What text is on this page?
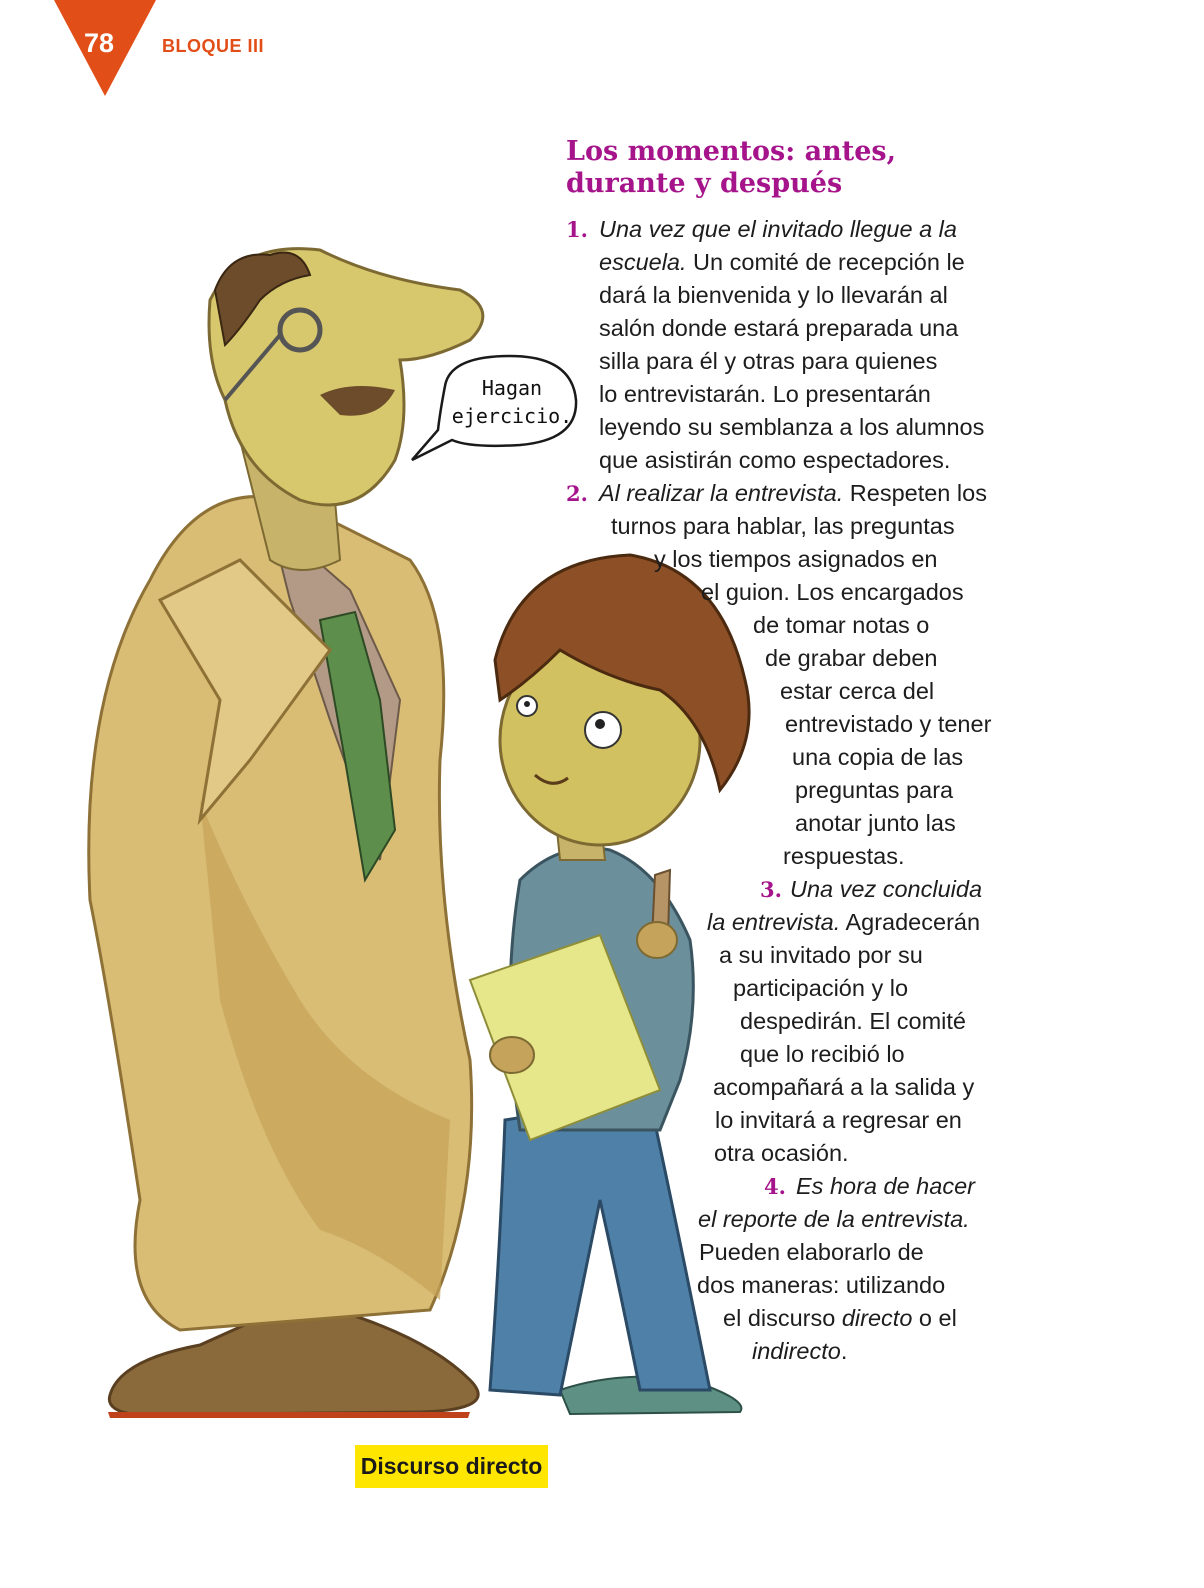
78	BLOQUE III
Hagan
ejercicio.
Los momentos: antes,
durante y después
1. Una vez que el invitado llegue a la
escuela. Un comité de recepción le
dará la bienvenida y lo llevarán al
salón donde estará preparada una
silla para él y otras para quienes
lo entrevistarán. Lo presentarán
leyendo su semblanza a los alumnos
que asistirán como espectadores.
2. Al realizar la entrevista. Respeten los
turnos para hablar, las preguntas
y los tiempos asignados en
el guion. Los encargados
de tomar notas o
de grabar deben
estar cerca del
entrevistado y tener
una copia de las
preguntas para
anotar junto las
respuestas.
3. Una vez concluida
la entrevista. Agradecerán
a su invitado por su
participación y lo
despedirán. El comité
que lo recibió lo
acompañará a la salida y
lo invitará a regresar en
otra ocasión.
4. Es hora de hacer
el reporte de la entrevista.
Pueden elaborarlo de
dos maneras: utilizando
el discurso directo o el
indirecto.
Discurso directo
